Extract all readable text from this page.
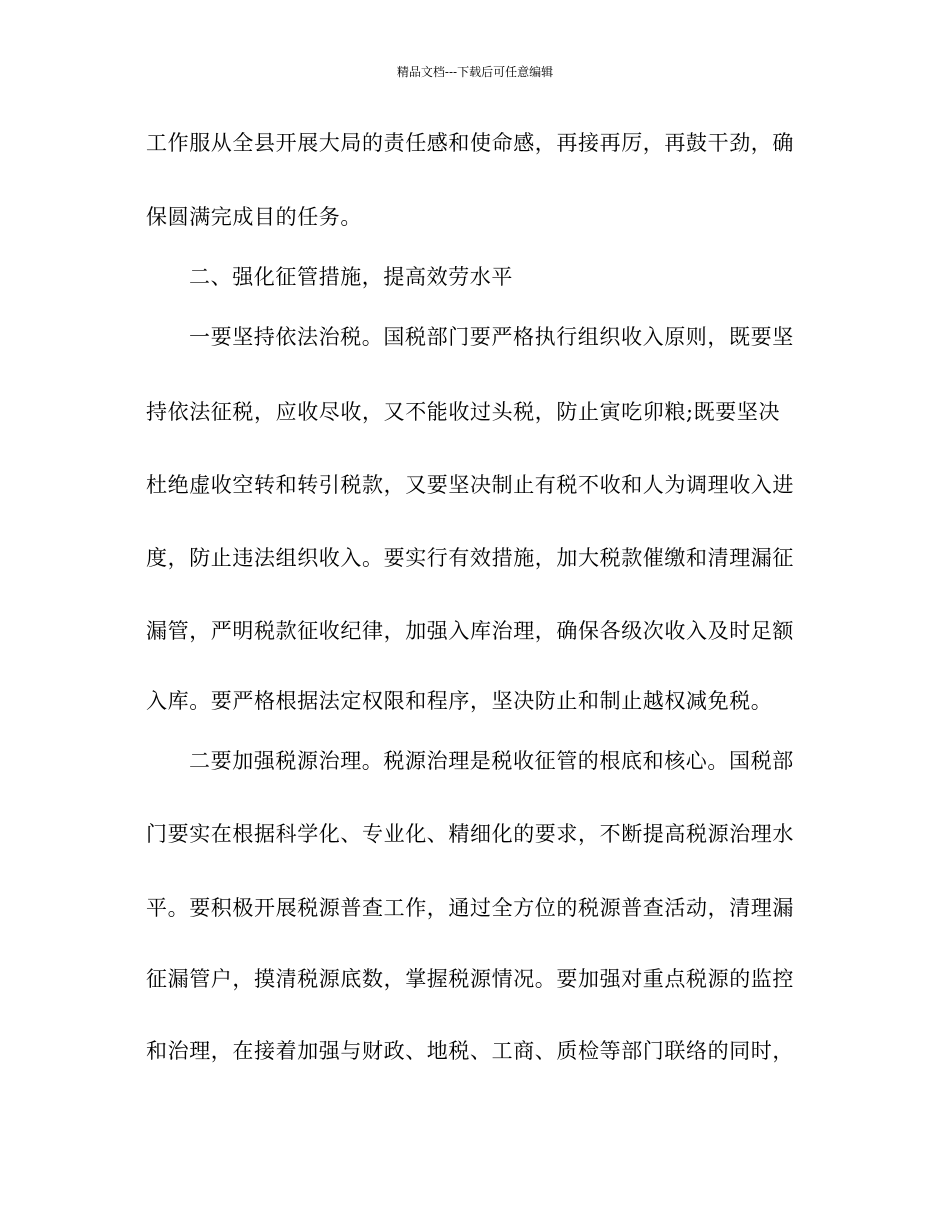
精品文档---下载后可任意编辑
工作服从全县开展大局的责任感和使命感，再接再厉，再鼓干劲，确
保圆满完成目的任务。
二、强化征管措施，提高效劳水平
一要坚持依法治税。国税部门要严格执行组织收入原则，既要坚
持依法征税，应收尽收，又不能收过头税，防止寅吃卯粮;既要坚决
杜绝虚收空转和转引税款，又要坚决制止有税不收和人为调理收入进
度，防止违法组织收入。要实行有效措施，加大税款催缴和清理漏征
漏管，严明税款征收纪律，加强入库治理，确保各级次收入及时足额
入库。要严格根据法定权限和程序，坚决防止和制止越权减免税。
二要加强税源治理。税源治理是税收征管的根底和核心。国税部
门要实在根据科学化、专业化、精细化的要求，不断提高税源治理水
平。要积极开展税源普查工作，通过全方位的税源普查活动，清理漏
征漏管户，摸清税源底数，掌握税源情况。要加强对重点税源的监控
和治理，在接着加强与财政、地税、工商、质检等部门联络的同时，
